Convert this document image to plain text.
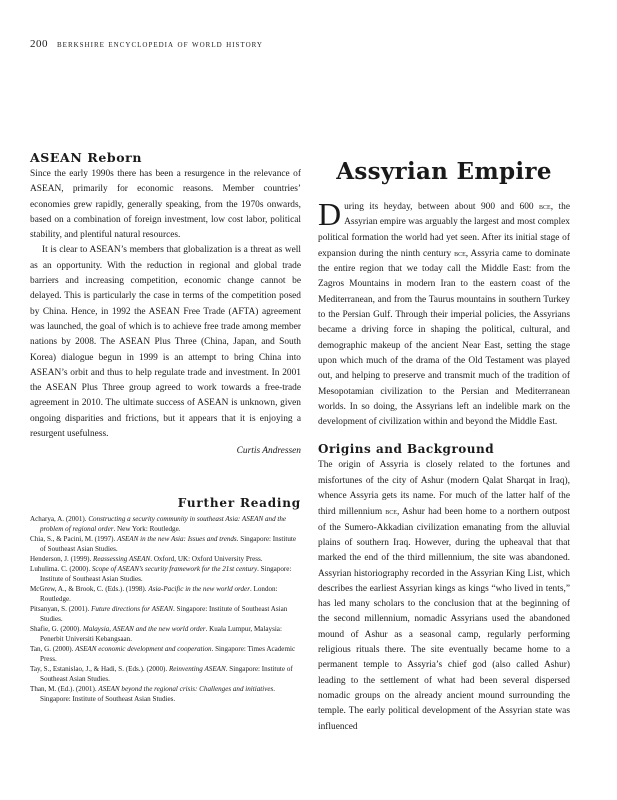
200 berkshire encyclopedia of world history
ASEAN Reborn

Since the early 1990s there has been a resurgence in the relevance of ASEAN, primarily for economic reasons. Member countries’ economies grew rapidly, generally speaking, from the 1970s onwards, based on a combination of foreign investment, low cost labor, political stability, and plentiful natural resources.

It is clear to ASEAN’s members that globalization is a threat as well as an opportunity. With the reduction in regional and global trade barriers and increasing competition, economic change cannot be delayed. This is particularly the case in terms of the competition posed by China. Hence, in 1992 the ASEAN Free Trade (AFTA) agreement was launched, the goal of which is to achieve free trade among member nations by 2008. The ASEAN Plus Three (China, Japan, and South Korea) dialogue begun in 1999 is an attempt to bring China into ASEAN’s orbit and thus to help regulate trade and investment. In 2001 the ASEAN Plus Three group agreed to work towards a free-trade agreement in 2010. The ultimate success of ASEAN is unknown, given ongoing disparities and frictions, but it appears that it is enjoying a resurgent usefulness.

Curtis Andressen
Further Reading
Acharya, A. (2001). Constructing a security community in southeast Asia: ASEAN and the problem of regional order. New York: Routledge.
Chia, S., & Pacini, M. (1997). ASEAN in the new Asia: Issues and trends. Singapore: Institute of Southeast Asian Studies.
Henderson, J. (1999). Reassessing ASEAN. Oxford, UK: Oxford University Press.
Luhulima. C. (2000). Scope of ASEAN’s security framework for the 21st century. Singapore: Institute of Southeast Asian Studies.
McGrew, A., & Brook, C. (Eds.). (1998). Asia-Pacific in the new world order. London: Routledge.
Pitsanyan, S. (2001). Future directions for ASEAN. Singapore: Institute of Southeast Asian Studies.
Shafie, G. (2000). Malaysia, ASEAN and the new world order. Kuala Lumpur, Malaysia: Penerbit Universiti Kebangsaan.
Tan, G. (2000). ASEAN economic development and cooperation. Singapore: Times Academic Press.
Tay, S., Estanislao, J., & Hadi, S. (Eds.). (2000). Reinventing ASEAN. Singapore: Institute of Southeast Asian Studies.
Than, M. (Ed.). (2001). ASEAN beyond the regional crisis: Challenges and initiatives. Singapore: Institute of Southeast Asian Studies.
Assyrian Empire

During its heyday, between about 900 and 600 bce, the Assyrian empire was arguably the largest and most complex political formation the world had yet seen. After its initial stage of expansion during the ninth century bce, Assyria came to dominate the entire region that we today call the Middle East: from the Zagros Mountains in modern Iran to the eastern coast of the Mediterranean, and from the Taurus mountains in southern Turkey to the Persian Gulf. Through their imperial policies, the Assyrians became a driving force in shaping the political, cultural, and demographic makeup of the ancient Near East, setting the stage upon which much of the drama of the Old Testament was played out, and helping to preserve and transmit much of the tradition of Mesopotamian civilization to the Persian and Mediterranean worlds. In so doing, the Assyrians left an indelible mark on the development of civilization within and beyond the Middle East.

Origins and Background

The origin of Assyria is closely related to the fortunes and misfortunes of the city of Ashur (modern Qalat Sharqat in Iraq), whence Assyria gets its name. For much of the latter half of the third millennium bce, Ashur had been home to a northern outpost of the Sumero-Akkadian civilization emanating from the alluvial plains of southern Iraq. However, during the upheaval that that marked the end of the third millennium, the site was abandoned. Assyrian historiography recorded in the Assyrian King List, which describes the earliest Assyrian kings as kings “who lived in tents,” has led many scholars to the conclusion that at the beginning of the second millennium, nomadic Assyrians used the abandoned mound of Ashur as a seasonal camp, regularly performing religious rituals there. The site eventually became home to a permanent temple to Assyria’s chief god (also called Ashur) leading to the settlement of what had been several dispersed nomadic groups on the already ancient mound surrounding the temple. The early political development of the Assyrian state was influenced
